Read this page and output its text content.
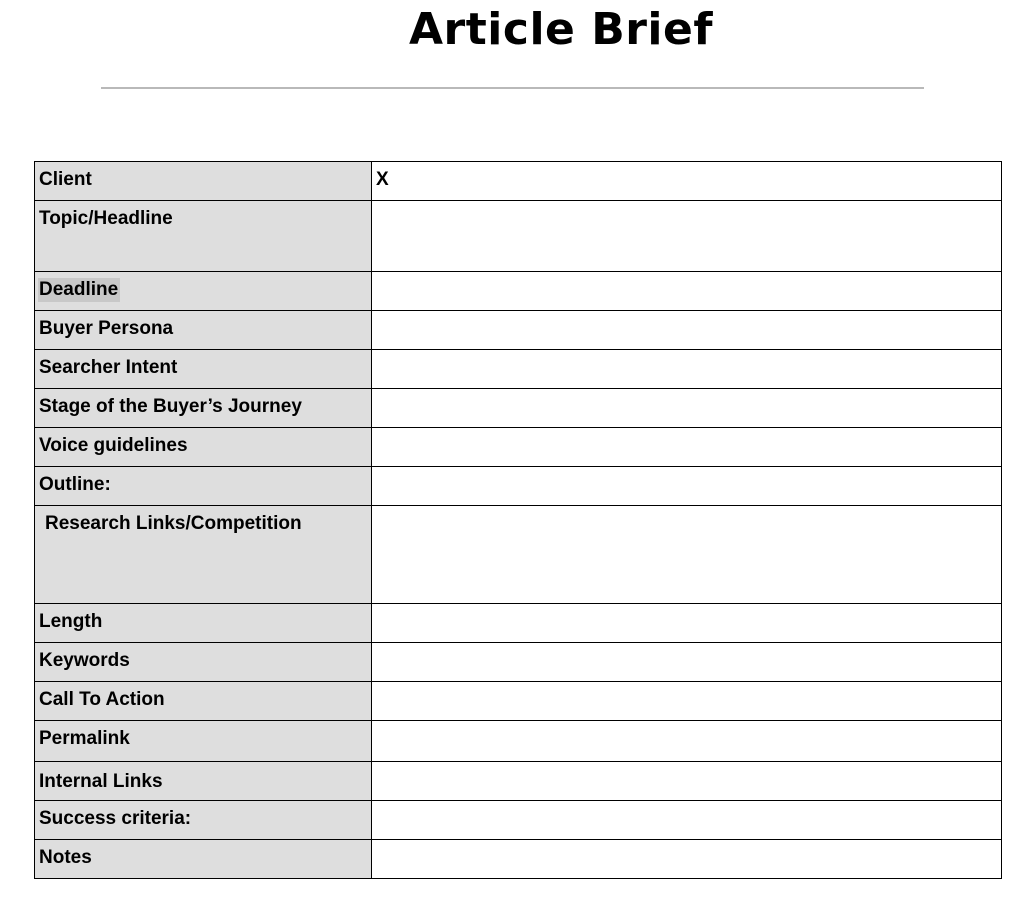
Article Brief
Client	X
Topic/Headline	
Deadline	
Buyer Persona	
Searcher Intent	
Stage of the Buyer’s Journey	
Voice guidelines	
Outline:	
Research Links/Competition	
Length	
Keywords	
Call To Action	
Permalink	
Internal Links	
Success criteria:	
Notes	
